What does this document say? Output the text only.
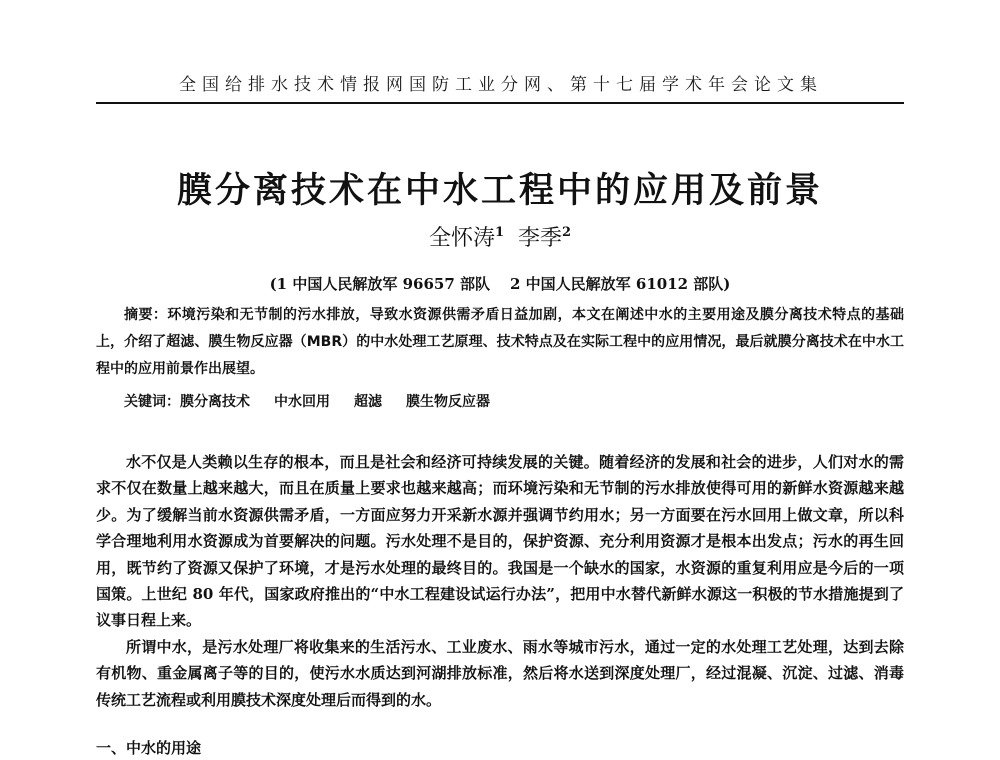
全国给排水技术情报网国防工业分网、第十七届学术年会论文集
膜分离技术在中水工程中的应用及前景
全怀涛$^1$ 李季$^2$
(1 中国人民解放军 96657 部队 2 中国人民解放军 61012 部队)
摘要：环境污染和无节制的污水排放，导致水资源供需矛盾日益加剧，本文在阐述中水的主要用途及膜分离技术特点的基础上，介绍了超滤、膜生物反应器（MBR）的中水处理工艺原理、技术特点及在实际工程中的应用情况，最后就膜分离技术在中水工程中的应用前景作出展望。
关键词：膜分离技术 中水回用 超滤 膜生物反应器

水不仅是人类赖以生存的根本，而且是社会和经济可持续发展的关键。随着经济的发展和社会的进步，人们对水的需求不仅在数量上越来越大，而且在质量上要求也越来越高；而环境污染和无节制的污水排放使得可用的新鲜水资源越来越少。为了缓解当前水资源供需矛盾，一方面应努力开采新水源并强调节约用水；另一方面要在污水回用上做文章，所以科学合理地利用水资源成为首要解决的问题。污水处理不是目的，保护资源、充分利用资源才是根本出发点；污水的再生回用，既节约了资源又保护了环境，才是污水处理的最终目的。我国是一个缺水的国家，水资源的重复利用应是今后的一项国策。上世纪 80 年代，国家政府推出的“中水工程建设试运行办法”，把用中水替代新鲜水源这一积极的节水措施提到了议事日程上来。

所谓中水，是污水处理厂将收集来的生活污水、工业废水、雨水等城市污水，通过一定的水处理工艺处理，达到去除有机物、重金属离子等的目的，使污水水质达到河湖排放标准，然后将水送到深度处理厂，经过混凝、沉淀、过滤、消毒传统工艺流程或利用膜技术深度处理后而得到的水。

一、中水的用途
